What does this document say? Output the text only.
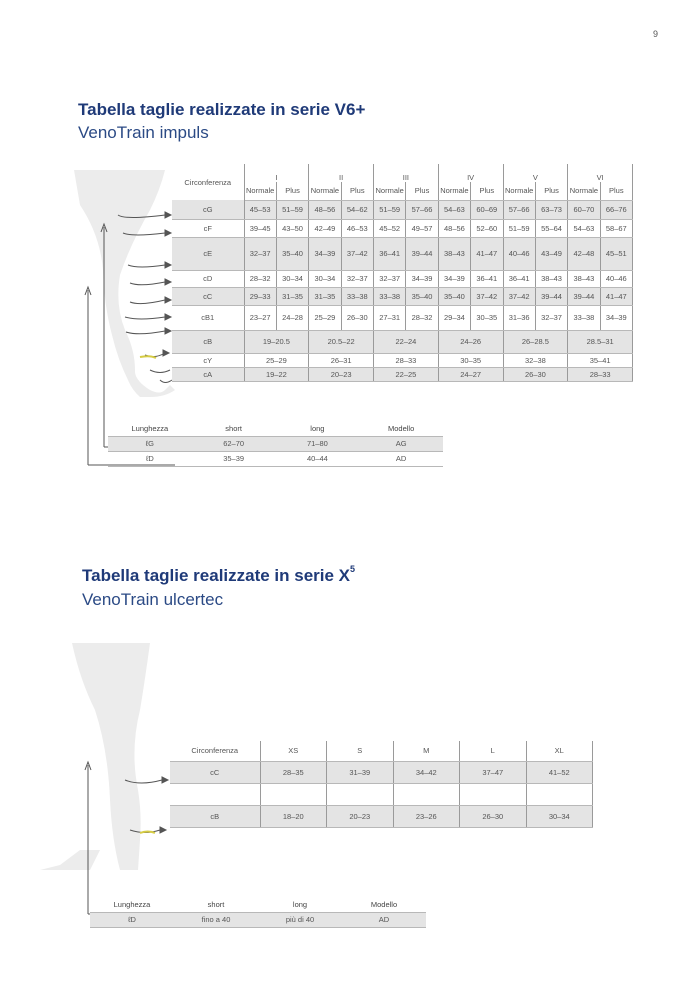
9
Tabella taglie realizzate in serie V6+
VenoTrain impuls
Circonferenza	I		II		III		IV		V		VI	
	Normale	Plus	Normale	Plus	Normale	Plus	Normale	Plus	Normale	Plus	Normale	Plus
cG	45–53	51–59	48–56	54–62	51–59	57–66	54–63	60–69	57–66	63–73	60–70	66–76
cF	39–45	43–50	42–49	46–53	45–52	49–57	48–56	52–60	51–59	55–64	54–63	58–67
cE	32–37	35–40	34–39	37–42	36–41	39–44	38–43	41–47	40–46	43–49	42–48	45–51
cD	28–32	30–34	30–34	32–37	32–37	34–39	34–39	36–41	36–41	38–43	38–43	40–46
cC	29–33	31–35	31–35	33–38	33–38	35–40	35–40	37–42	37–42	39–44	39–44	41–47
cB1	23–27	24–28	25–29	26–30	27–31	28–32	29–34	30–35	31–36	32–37	33–38	34–39
cB	19–20.5		20.5–22		22–24		24–26		26–28.5		28.5–31	
cY	25–29		26–31		28–33		30–35		32–38		35–41	
cA	19–22		20–23		22–25		24–27		26–30		28–33	
Lunghezza	short	long	Modello
ℓG	62–70	71–80	AG
ℓD	35–39	40–44	AD
Tabella taglie realizzate in serie $X^5$
VenoTrain ulcertec
Circonferenza	XS	S	M	L	XL
cC	28–35	31–39	34–42	37–47	41–52

cB	18–20	20–23	23–26	26–30	30–34
Lunghezza	short	long	Modello
ℓD	fino a 40	più di 40	AD
